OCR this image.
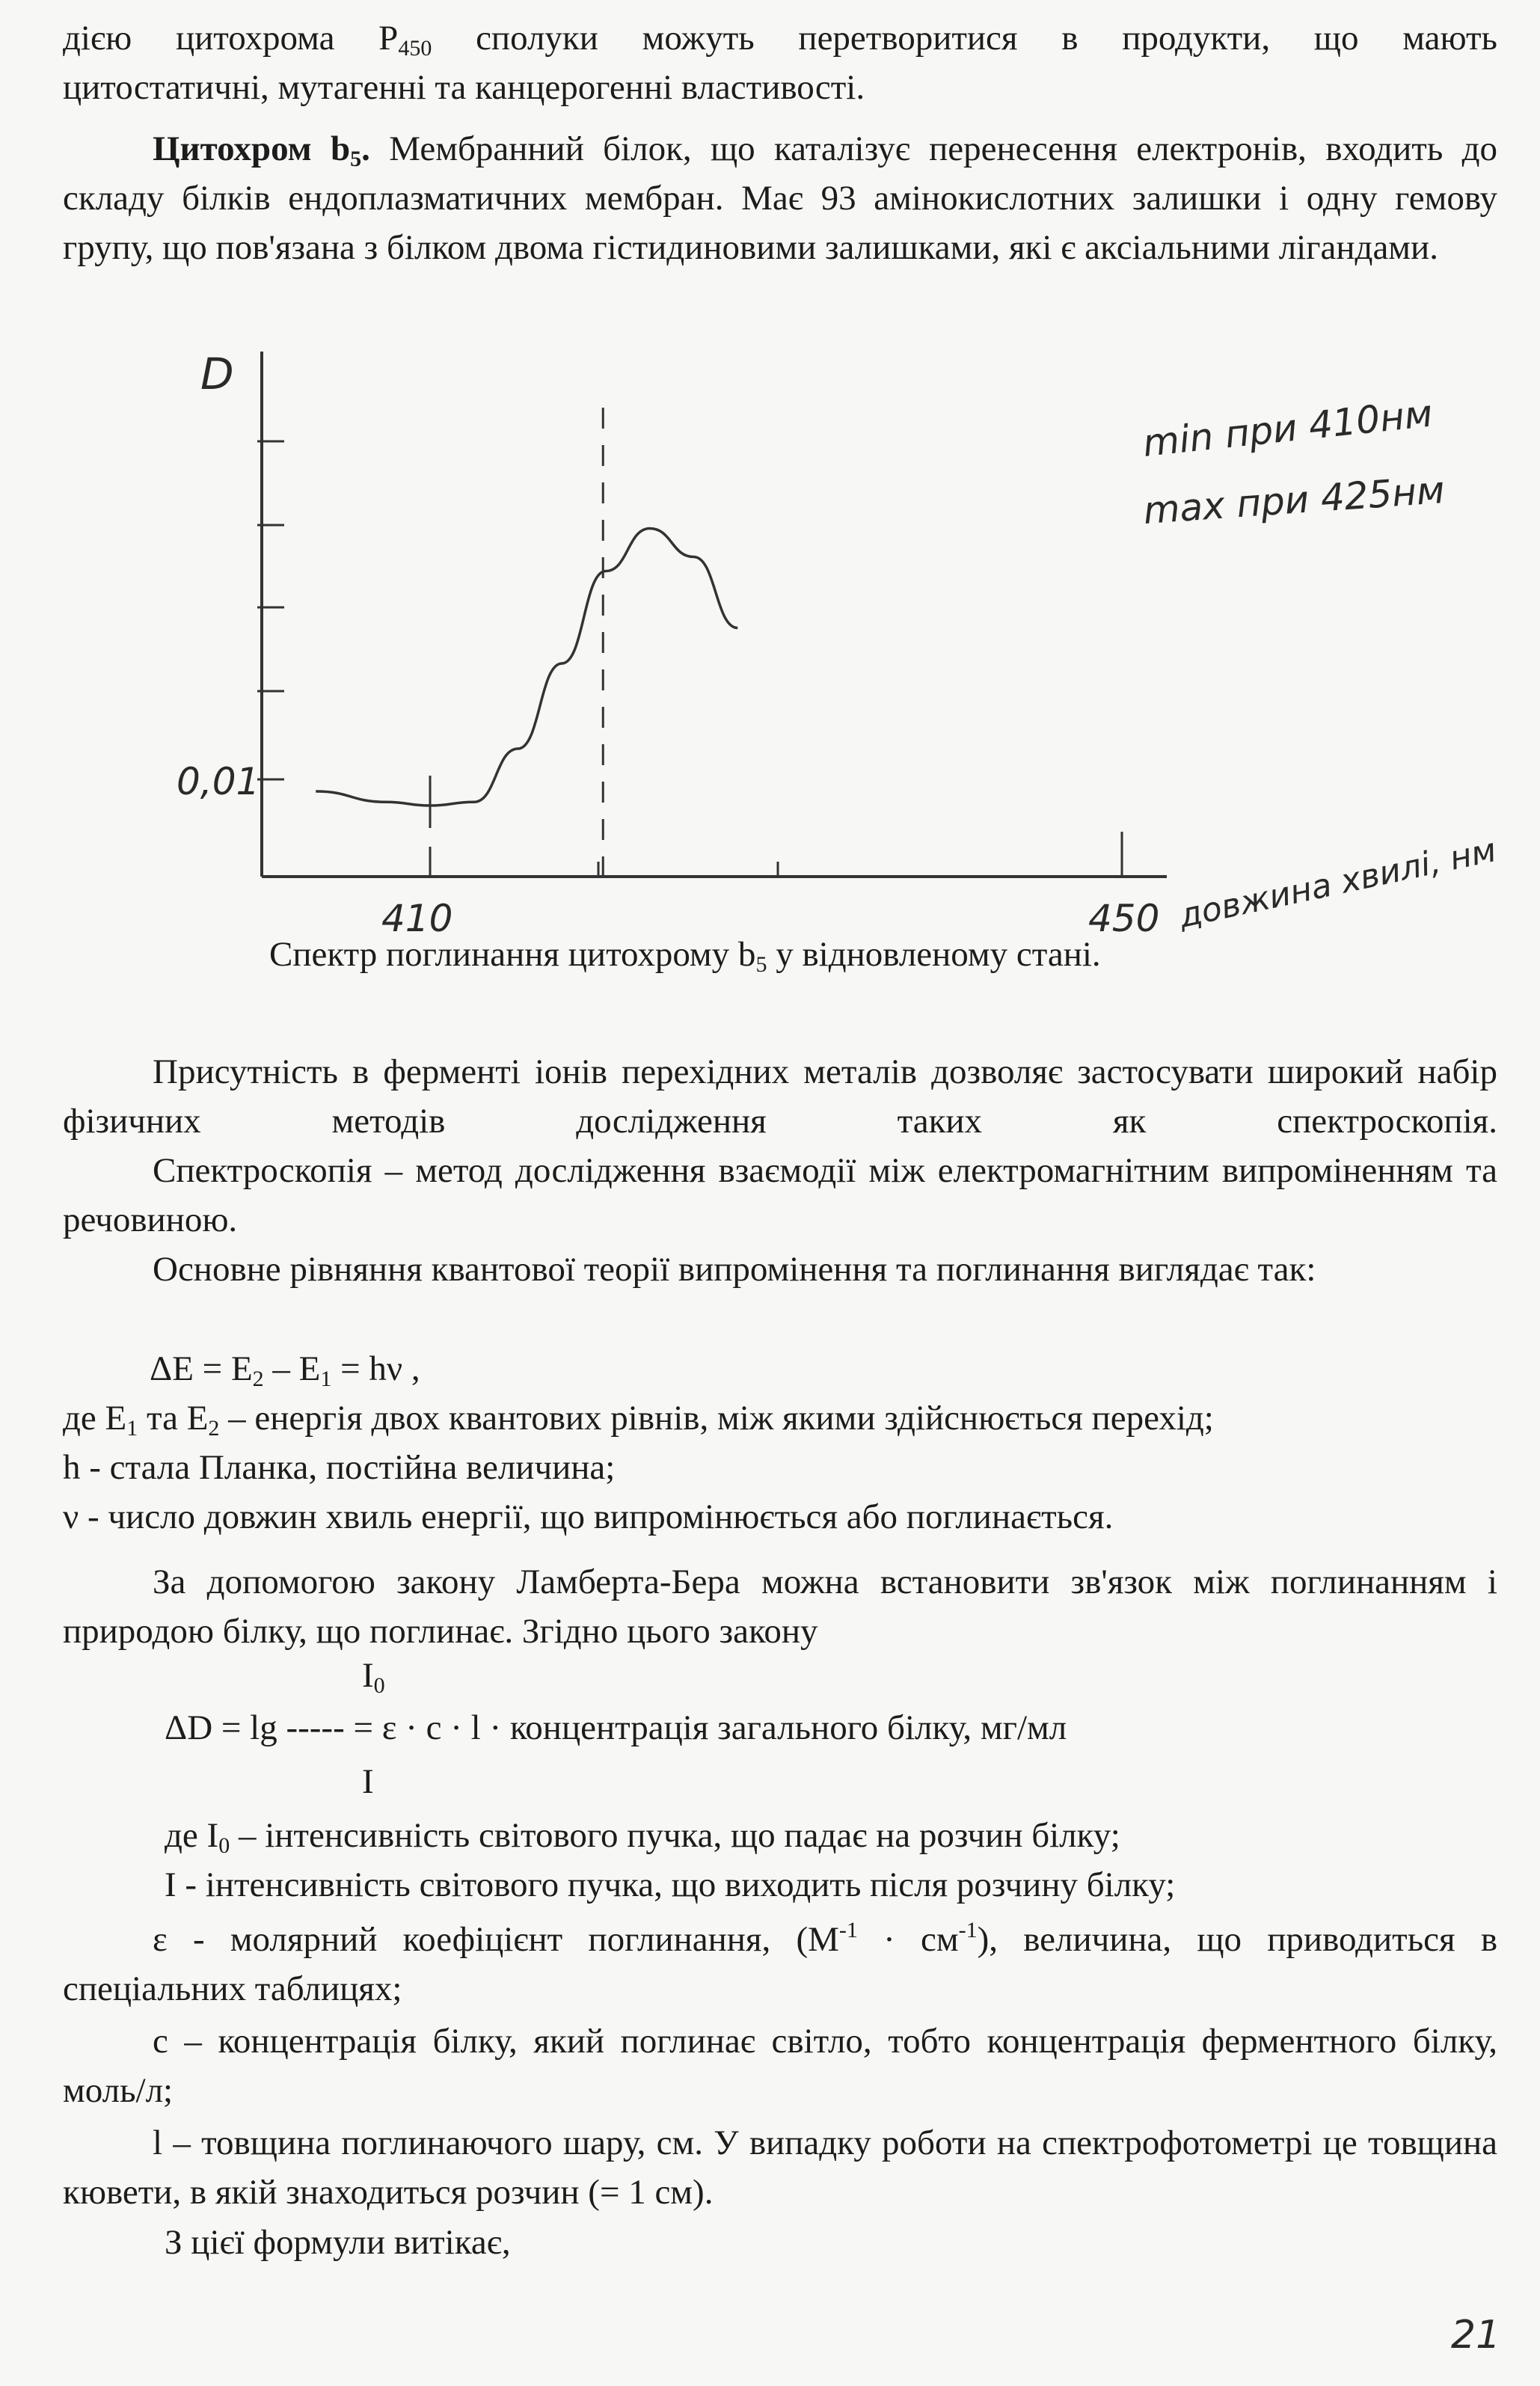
дією цитохрома $Р_{450}$ сполуки можуть перетворитися в продукти, що мають

цитостатичні, мутагенні та канцерогенні властивості.

Цитохром $b_5$. Мембранний білок, що каталізує перенесення електронів, входить до складу білків ендоплазматичних мембран. Має 93 амінокислотних залишки і одну гемову групу, що пов'язана з білком двома гістидиновими залишками, які є аксіальними лігандами.

D
0,01
410	450 довжина хвилі, нм
min при 410нм
max при 425нм

Спектр поглинання цитохрому $b_5$ у відновленому стані.

Присутність в ферменті іонів перехідних металів дозволяє застосувати широкий набір фізичних методів дослідження таких як спектроскопія.

Спектроскопія – метод дослідження взаємодії між електромагнітним випроміненням та речовиною.

Основне рівняння квантової теорії випромінення та поглинання виглядає так:

$\Delta E = E_2 - E_1 = h\nu$ ,

де $E_1$ та $E_2$ – енергія двох квантових рівнів, між якими здійснюється перехід;

h - стала Планка, постійна величина;

ν - число довжин хвиль енергії, що випромінюється або поглинається.

За допомогою закону Ламберта-Бера можна встановити зв'язок між поглинанням і природою білку, що поглинає. Згідно цього закону

$I_0$

ΔD = lg ----- = ε · c · l · концентрація загального білку, мг/мл

I

де $I_0$ – інтенсивність світового пучка, що падає на розчин білку;

I - інтенсивність світового пучка, що виходить після розчину білку;

ε - молярний коефіцієнт поглинання, $(М^{-1} \cdot см^{-1})$, величина, що приводиться в спеціальних таблицях;

с – концентрація білку, який поглинає світло, тобто концентрація ферментного білку, моль/л;

l – товщина поглинаючого шару, см. У випадку роботи на спектрофотометрі це товщина кювети, в якій знаходиться розчин (= 1 см).

З цієї формули витікає,

21
